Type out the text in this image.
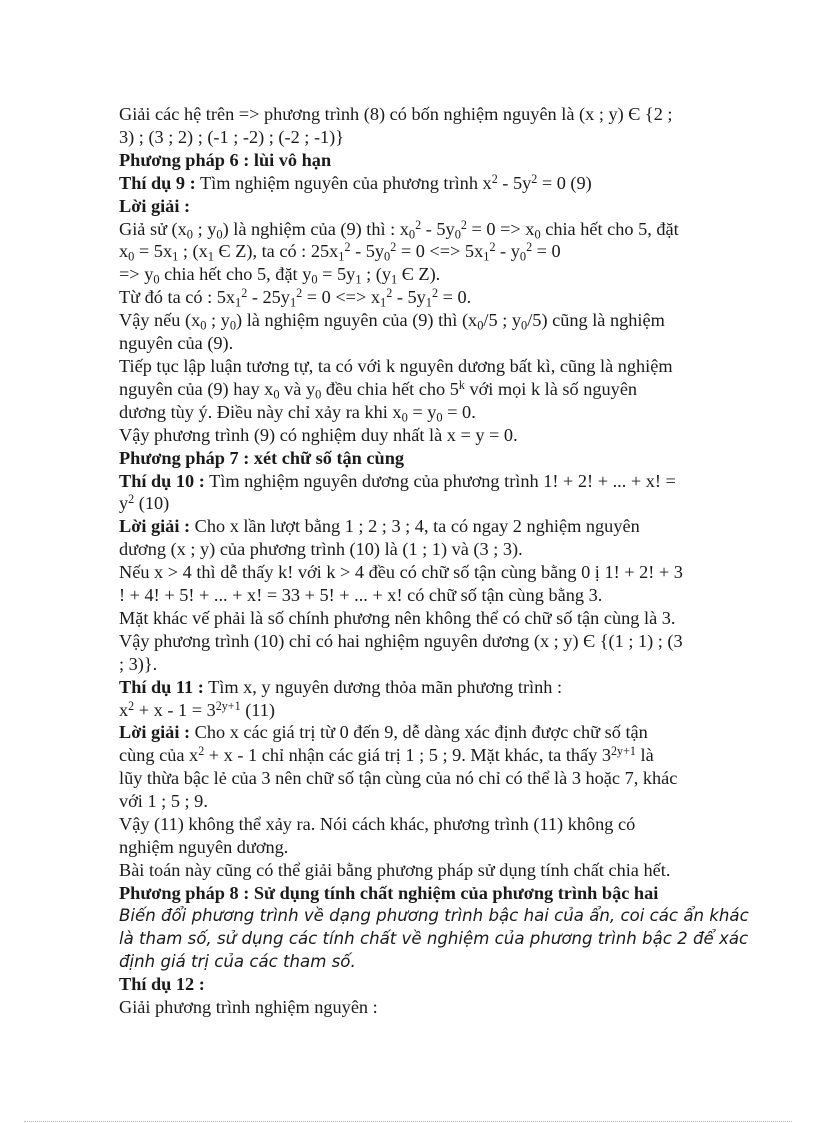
Giải các hệ trên => phương trình (8) có bốn nghiệm nguyên là (x ; y) Є {2 ;

3) ; (3 ; 2) ; (-1 ; -2) ; (-2 ; -1)}

Phương pháp 6 : lùi vô hạn

Thí dụ 9 : Tìm nghiệm nguyên của phương trình $x^2 - 5y^2 = 0$ (9)

Lời giải :

Giả sử ($x_0$ ; $y_0$) là nghiệm của (9) thì : $x_0^2 - 5y_0^2 = 0 => x_0$ chia hết cho 5, đặt

$x_0 = 5x_1$ ; ($x_1$ Є Z), ta có : $25x_1^2 - 5y_0^2 = 0$ <=> $5x_1^2 - y_0^2 = 0$

=> $y_0$ chia hết cho 5, đặt $y_0 = 5y_1$ ; ($y_1$ Є Z).

Từ đó ta có : $5x_1^2 - 25y_1^2 = 0$ <=> $x_1^2 - 5y_1^2 = 0$.

Vậy nếu ($x_0$ ; $y_0$) là nghiệm nguyên của (9) thì ($x_0/5$ ; $y_0/5$) cũng là nghiệm

nguyên của (9).

Tiếp tục lập luận tương tự, ta có với k nguyên dương bất kì, cũng là nghiệm

nguyên của (9) hay $x_0$ và $y_0$ đều chia hết cho 5$^k$ với mọi k là số nguyên

dương tùy ý. Điều này chỉ xảy ra khi $x_0 = y_0 = 0$.

Vậy phương trình (9) có nghiệm duy nhất là x = y = 0.

Phương pháp 7 : xét chữ số tận cùng

Thí dụ 10 : Tìm nghiệm nguyên dương của phương trình 1! + 2! + ... + x! =

$y^2$ (10)

Lời giải : Cho x lần lượt bằng 1 ; 2 ; 3 ; 4, ta có ngay 2 nghiệm nguyên

dương (x ; y) của phương trình (10) là (1 ; 1) và (3 ; 3).

Nếu x > 4 thì dễ thấy k! với k > 4 đều có chữ số tận cùng bằng 0 ị 1! + 2! + 3

! + 4! + 5! + ... + x! = 33 + 5! + ... + x! có chữ số tận cùng bằng 3.

Mặt khác vế phải là số chính phương nên không thể có chữ số tận cùng là 3.

Vậy phương trình (10) chỉ có hai nghiệm nguyên dương (x ; y) Є {(1 ; 1) ; (3

; 3)}.

Thí dụ 11 : Tìm x, y nguyên dương thỏa mãn phương trình :

$x^2 + x - 1 = 3^{2y+1}$ (11)

Lời giải : Cho x các giá trị từ 0 đến 9, dễ dàng xác định được chữ số tận

cùng của $x^2 + x - 1$ chỉ nhận các giá trị 1 ; 5 ; 9. Mặt khác, ta thấy $3^{2y+1}$ là

lũy thừa bậc lẻ của 3 nên chữ số tận cùng của nó chỉ có thể là 3 hoặc 7, khác

với 1 ; 5 ; 9.

Vậy (11) không thể xảy ra. Nói cách khác, phương trình (11) không có

nghiệm nguyên dương.

Bài toán này cũng có thể giải bằng phương pháp sử dụng tính chất chia hết.

Phương pháp 8 : Sử dụng tính chất nghiệm của phương trình bậc hai

Biến đổi phương trình về dạng phương trình bậc hai của ẩn, coi các ẩn khác

là tham số, sử dụng các tính chất về nghiệm của phương trình bậc 2 để xác

định giá trị của các tham số.

Thí dụ 12 :

Giải phương trình nghiệm nguyên :
